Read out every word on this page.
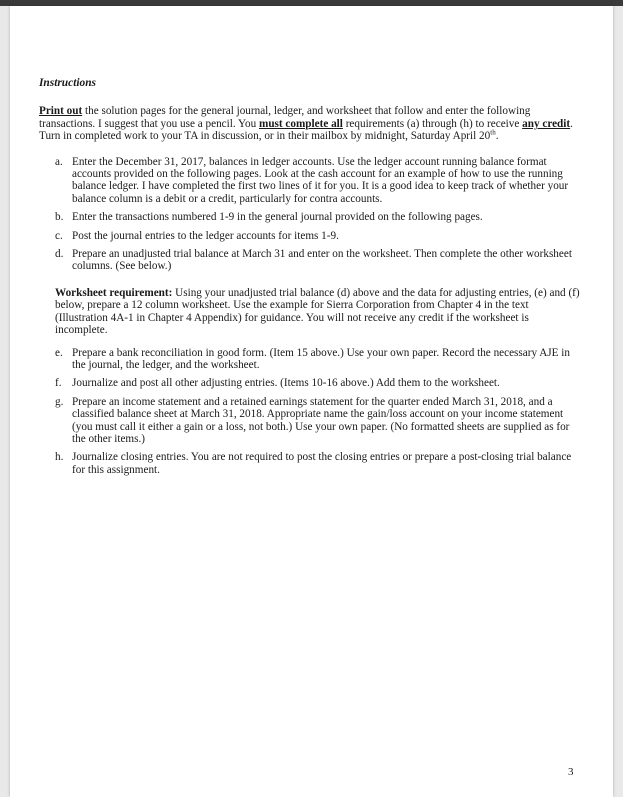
Instructions

Print out the solution pages for the general journal, ledger, and worksheet that follow and enter the following transactions. I suggest that you use a pencil. You must complete all requirements (a) through (h) to receive any credit. Turn in completed work to your TA in discussion, or in their mailbox by midnight, Saturday April 20th.

a. Enter the December 31, 2017, balances in ledger accounts. Use the ledger account running balance format accounts provided on the following pages. Look at the cash account for an example of how to use the running balance ledger. I have completed the first two lines of it for you. It is a good idea to keep track of whether your balance column is a debit or a credit, particularly for contra accounts.
b. Enter the transactions numbered 1-9 in the general journal provided on the following pages.
c. Post the journal entries to the ledger accounts for items 1-9.
d. Prepare an unadjusted trial balance at March 31 and enter on the worksheet. Then complete the other worksheet columns. (See below.)

Worksheet requirement: Using your unadjusted trial balance (d) above and the data for adjusting entries, (e) and (f) below, prepare a 12 column worksheet. Use the example for Sierra Corporation from Chapter 4 in the text (Illustration 4A-1 in Chapter 4 Appendix) for guidance. You will not receive any credit if the worksheet is incomplete.

e. Prepare a bank reconciliation in good form. (Item 15 above.) Use your own paper. Record the necessary AJE in the journal, the ledger, and the worksheet.
f. Journalize and post all other adjusting entries. (Items 10-16 above.) Add them to the worksheet.
g. Prepare an income statement and a retained earnings statement for the quarter ended March 31, 2018, and a classified balance sheet at March 31, 2018. Appropriate name the gain/loss account on your income statement (you must call it either a gain or a loss, not both.) Use your own paper. (No formatted sheets are supplied as for the other items.)
h. Journalize closing entries. You are not required to post the closing entries or prepare a post-closing trial balance for this assignment.
3
